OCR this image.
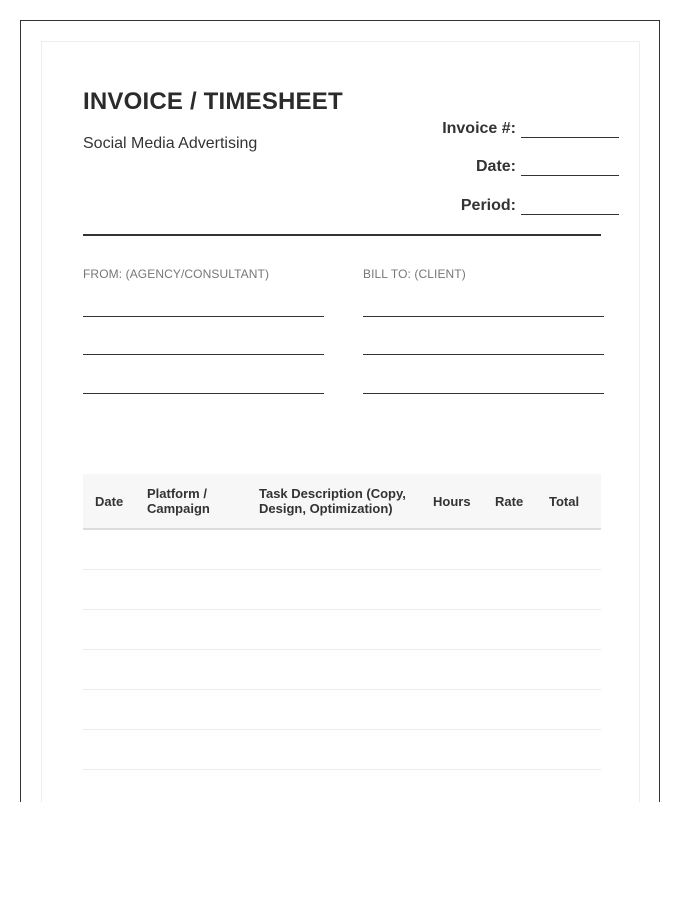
INVOICE / TIMESHEET
Social Media Advertising
Invoice #:
Date:
Period:
FROM: (AGENCY/CONSULTANT)	BILL TO: (CLIENT)
Date	Platform / Campaign	Task Description (Copy, Design, Optimization)	Hours	Rate	Total
